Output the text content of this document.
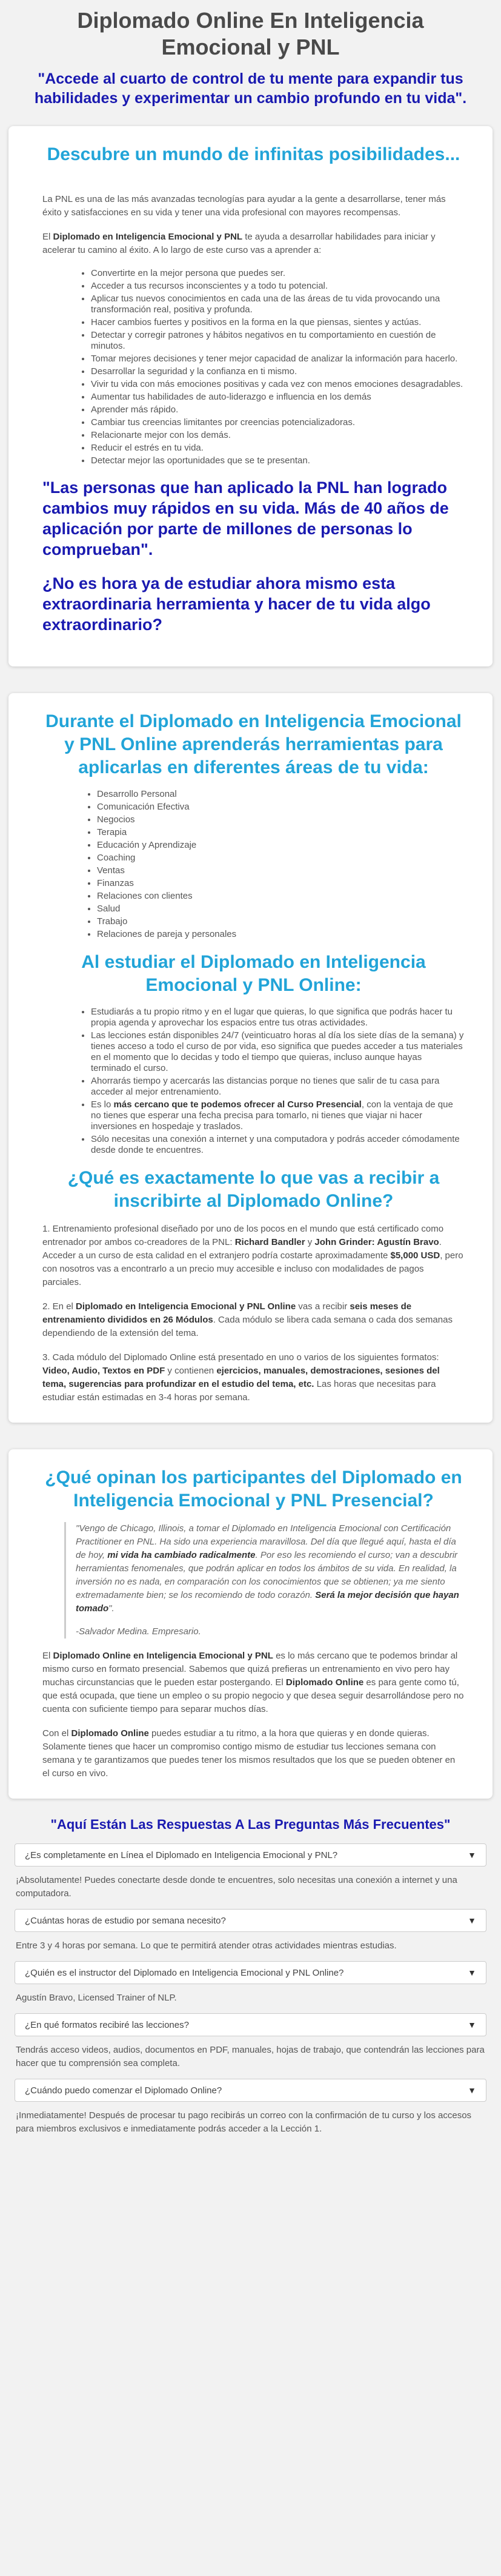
Diplomado Online En Inteligencia Emocional y PNL
"Accede al cuarto de control de tu mente para expandir tus habilidades y experimentar un cambio profundo en tu vida".
Descubre un mundo de infinitas posibilidades...

La PNL es una de las más avanzadas tecnologías para ayudar a la gente a desarrollarse, tener más éxito y satisfacciones en su vida y tener una vida profesional con mayores recompensas.

El Diplomado en Inteligencia Emocional y PNL te ayuda a desarrollar habilidades para iniciar y acelerar tu camino al éxito. A lo largo de este curso vas a aprender a:

• Convertirte en la mejor persona que puedes ser.
• Acceder a tus recursos inconscientes y a todo tu potencial.
• Aplicar tus nuevos conocimientos en cada una de las áreas de tu vida provocando una transformación real, positiva y profunda.
• Hacer cambios fuertes y positivos en la forma en la que piensas, sientes y actúas.
• Detectar y corregir patrones y hábitos negativos en tu comportamiento en cuestión de minutos.
• Tomar mejores decisiones y tener mejor capacidad de analizar la información para hacerlo.
• Desarrollar la seguridad y la confianza en ti mismo.
• Vivir tu vida con más emociones positivas y cada vez con menos emociones desagradables.
• Aumentar tus habilidades de auto-liderazgo e influencia en los demás
• Aprender más rápido.
• Cambiar tus creencias limitantes por creencias potencializadoras.
• Relacionarte mejor con los demás.
• Reducir el estrés en tu vida.
• Detectar mejor las oportunidades que se te presentan.
"Las personas que han aplicado la PNL han logrado cambios muy rápidos en su vida. Más de 40 años de aplicación por parte de millones de personas lo comprueban".
¿No es hora ya de estudiar ahora mismo esta extraordinaria herramienta y hacer de tu vida algo extraordinario?
Durante el Diplomado en Inteligencia Emocional y PNL Online aprenderás herramientas para aplicarlas en diferentes áreas de tu vida:
• Desarrollo Personal
• Comunicación Efectiva
• Negocios
• Terapia
• Educación y Aprendizaje
• Coaching
• Ventas
• Finanzas
• Relaciones con clientes
• Salud
• Trabajo
• Relaciones de pareja y personales
Al estudiar el Diplomado en Inteligencia Emocional y PNL Online:
• Estudiarás a tu propio ritmo y en el lugar que quieras, lo que significa que podrás hacer tu propia agenda y aprovechar los espacios entre tus otras actividades.
• Las lecciones están disponibles 24/7 (veinticuatro horas al día los siete días de la semana) y tienes acceso a todo el curso de por vida, eso significa que puedes acceder a tus materiales en el momento que lo decidas y todo el tiempo que quieras, incluso aunque hayas terminado el curso.
• Ahorrarás tiempo y acercarás las distancias porque no tienes que salir de tu casa para acceder al mejor entrenamiento.
• Es lo más cercano que te podemos ofrecer al Curso Presencial, con la ventaja de que no tienes que esperar una fecha precisa para tomarlo, ni tienes que viajar ni hacer inversiones en hospedaje y traslados.
• Sólo necesitas una conexión a internet y una computadora y podrás acceder cómodamente desde donde te encuentres.
¿Qué es exactamente lo que vas a recibir a inscribirte al Diplomado Online?

1. Entrenamiento profesional diseñado por uno de los pocos en el mundo que está certificado como entrenador por ambos co-creadores de la PNL: Richard Bandler y John Grinder: Agustín Bravo. Acceder a un curso de esta calidad en el extranjero podría costarte aproximadamente $5,000 USD, pero con nosotros vas a encontrarlo a un precio muy accesible e incluso con modalidades de pagos parciales.

2. En el Diplomado en Inteligencia Emocional y PNL Online vas a recibir seis meses de entrenamiento divididos en 26 Módulos. Cada módulo se libera cada semana o cada dos semanas dependiendo de la extensión del tema.

3. Cada módulo del Diplomado Online está presentado en uno o varios de los siguientes formatos: Video, Audio, Textos en PDF y contienen ejercicios, manuales, demostraciones, sesiones del tema, sugerencias para profundizar en el estudio del tema, etc. Las horas que necesitas para estudiar están estimadas en 3-4 horas por semana.

¿Qué opinan los participantes del Diplomado en Inteligencia Emocional y PNL Presencial?

"Vengo de Chicago, Illinois, a tomar el Diplomado en Inteligencia Emocional con Certificación Practitioner en PNL. Ha sido una experiencia maravillosa. Del día que llegué aquí, hasta el día de hoy, mi vida ha cambiado radicalmente. Por eso les recomiendo el curso; van a descubrir herramientas fenomenales, que podrán aplicar en todos los ámbitos de su vida. En realidad, la inversión no es nada, en comparación con los conocimientos que se obtienen; ya me siento extremadamente bien; se los recomiendo de todo corazón. Será la mejor decisión que hayan tomado".

-Salvador Medina. Empresario.

El Diplomado Online en Inteligencia Emocional y PNL es lo más cercano que te podemos brindar al mismo curso en formato presencial. Sabemos que quizá prefieras un entrenamiento en vivo pero hay muchas circunstancias que le pueden estar postergando. El Diplomado Online es para gente como tú, que está ocupada, que tiene un empleo o su propio negocio y que desea seguir desarrollándose pero no cuenta con suficiente tiempo para separar muchos días.

Con el Diplomado Online puedes estudiar a tu ritmo, a la hora que quieras y en donde quieras. Solamente tienes que hacer un compromiso contigo mismo de estudiar tus lecciones semana con semana y te garantizamos que puedes tener los mismos resultados que los que se pueden obtener en el curso en vivo.

"Aquí Están Las Respuestas A Las Preguntas Más Frecuentes"
¿Es completamente en Línea el Diplomado en Inteligencia Emocional y PNL?	▼
¡Absolutamente! Puedes conectarte desde donde te encuentres, solo necesitas una conexión a internet y una computadora.
¿Cuántas horas de estudio por semana necesito?	▼
Entre 3 y 4 horas por semana. Lo que te permitirá atender otras actividades mientras estudias.
¿Quién es el instructor del Diplomado en Inteligencia Emocional y PNL Online?	▼
Agustín Bravo, Licensed Trainer of NLP.
¿En qué formatos recibiré las lecciones?	▼
Tendrás acceso videos, audios, documentos en PDF, manuales, hojas de trabajo, que contendrán las lecciones para hacer que tu comprensión sea completa.
¿Cuándo puedo comenzar el Diplomado Online?	▼
¡Inmediatamente! Después de procesar tu pago recibirás un correo con la confirmación de tu curso y los accesos para miembros exclusivos e inmediatamente podrás acceder a la Lección 1.
